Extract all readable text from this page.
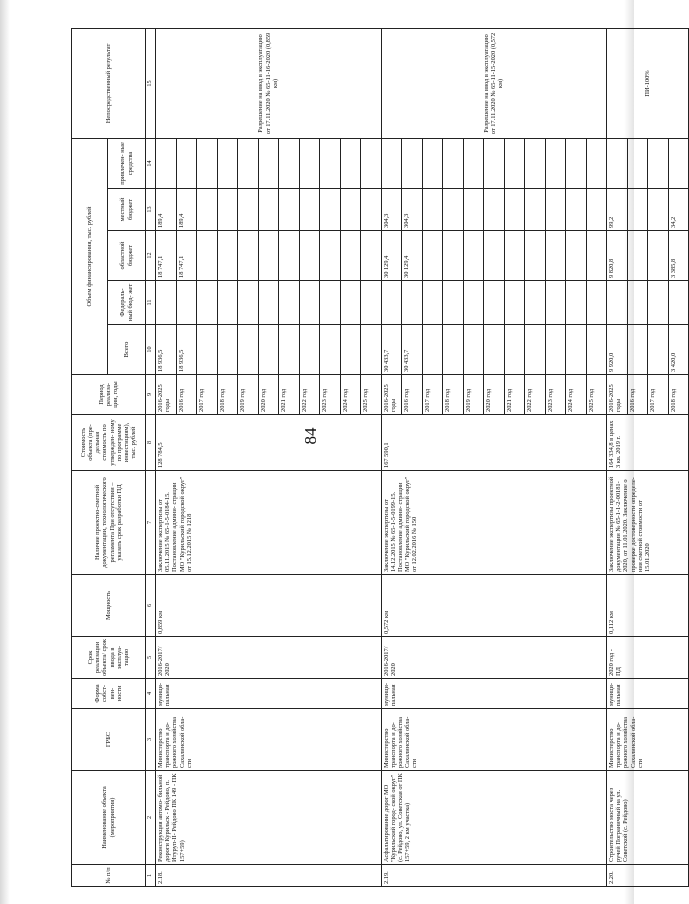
84
№ п/п	Наименование объекта (мероприятия)	ГРБС	Форма собст- вен- ности	Срок реализации объекта/ срок ввода в эксплуа- тацию	Мощность	Наличие проектно-сметной документации, технологического регламента При отсутствии – указать срок разработки ПД	Стоимость объекта (пре- дельная стоимость по утвержден- ному по программе инвестициям), тыс. рублей	Период реализа- ции, годы	Объем финансирования, тыс. рублей					Непосредственный результат
									Всего	Федераль- ный бюд- жет	областной бюджет	местный бюджет	привлечен- ные средства	
1	2	3	4	5	6	7	8	9	10	11	12	13	14	15
2.18.	Реконструкция автомо- бильной дороги Курильск - Рейдово, п. Итуруп-II- Рейдово ПК 149 - ПК 157+59)	Министерство транспорта и до- рожного хозяйства Сахалинской обла- сти	муници- пальная	2016-2017/ 2020	0,859 км	Заключение экспертизы от 05.11.2015 № 65-1-5-0184-15. Постановление админи- страции МО "Курильский городской округ" от 15.12.2015 № 1218	128 784,5	2016-2025 годы	18 936,5		18 747,1	189,4		Разрешение на ввод в эксплуатацию от 17.11.2020 № 65-11-16-2020 (0,859 км)
								2016 год	18 936,5		18 747,1	189,4		
								2017 год						
								2018 год						
								2019 год						
								2020 год						
								2021 год						
								2022 год						
								2023 год						
								2024 год						
								2025 год						
2.19.	Асфальтирование дорог МО "Курильский город- ской округ" (с. Рейдово, ул. Советская от ПК 157+59, 2 км участка)	Министерство транспорта и до- рожного хозяйства Сахалинской обла- сти	муници- пальная	2016-2017/ 2020	0,572 км	Заключение экспертизы от 14.12.2015 № 65-1-5-0199-15. Постановление админи- страции МО "Курильский городской округ" от 12.02.2016 № 150	167 590,1	2016-2025 годы	30 433,7		30 129,4	304,3		Разрешение на ввод в эксплуатацию от 17.11.2020 № 65-11-15-2020 (0,572 км)
								2016 год	30 433,7		30 129,4	304,3		
								2017 год						
								2018 год						
								2019 год						
								2020 год						
								2021 год						
								2022 год						
								2023 год						
								2024 год						
								2025 год						
2.20.	Строительство моста через ручей Пограничный на ул. Советской (с. Рейдово)	Министерство транспорта и до- рожного хозяйства Сахалинской обла- сти	муници- пальная	2020 год - ПД	0,112 км	Заключение экспертизы проектной документации № 65-1-1-2-00181-2020, от 11.01.2020. Заключение о проверке достоверности определе- ния сметной стоимости от 15.01.2020	164 334,8 в ценах 3 кв. 2019 г.	2016-2025 годы	9 920,0		9 820,8	99,2		ПИ-100%
								2016 год						
								2017 год						
								2018 год	3 420,0		3 385,8	34,2		
